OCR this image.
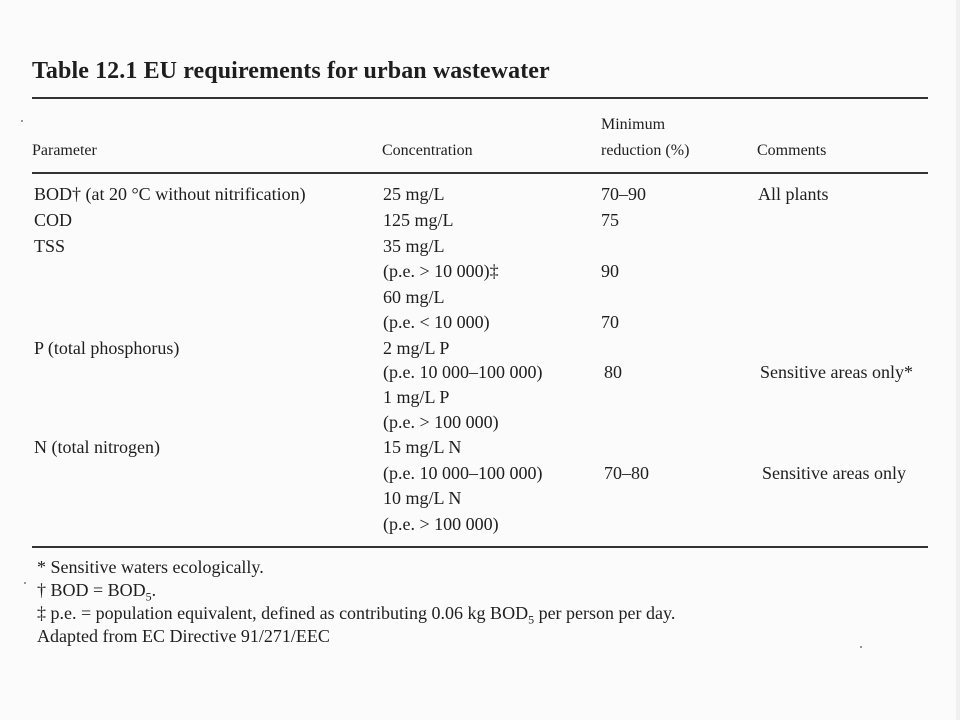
Table 12.1 EU requirements for urban wastewater
Parameter	Concentration
Minimum
reduction (%)	Comments
BOD† (at 20 °C without nitrification)
COD
TSS
P (total phosphorus)
N (total nitrogen)
25 mg/L
125 mg/L
35 mg/L
(p.e. > 10 000)‡
60 mg/L
(p.e. < 10 000)
2 mg/L P
(p.e. 10 000–100 000)
1 mg/L P
(p.e. > 100 000)
15 mg/L N
(p.e. 10 000–100 000)
10 mg/L N
(p.e. > 100 000)
70–90
75
90
70
80
70–80
All plants
Sensitive areas only*
Sensitive areas only
* Sensitive waters ecologically.
† BOD = $BOD_5$.
‡ p.e. = population equivalent, defined as contributing 0.06 kg $BOD_5$ per person per day.
Adapted from EC Directive 91/271/EEC
